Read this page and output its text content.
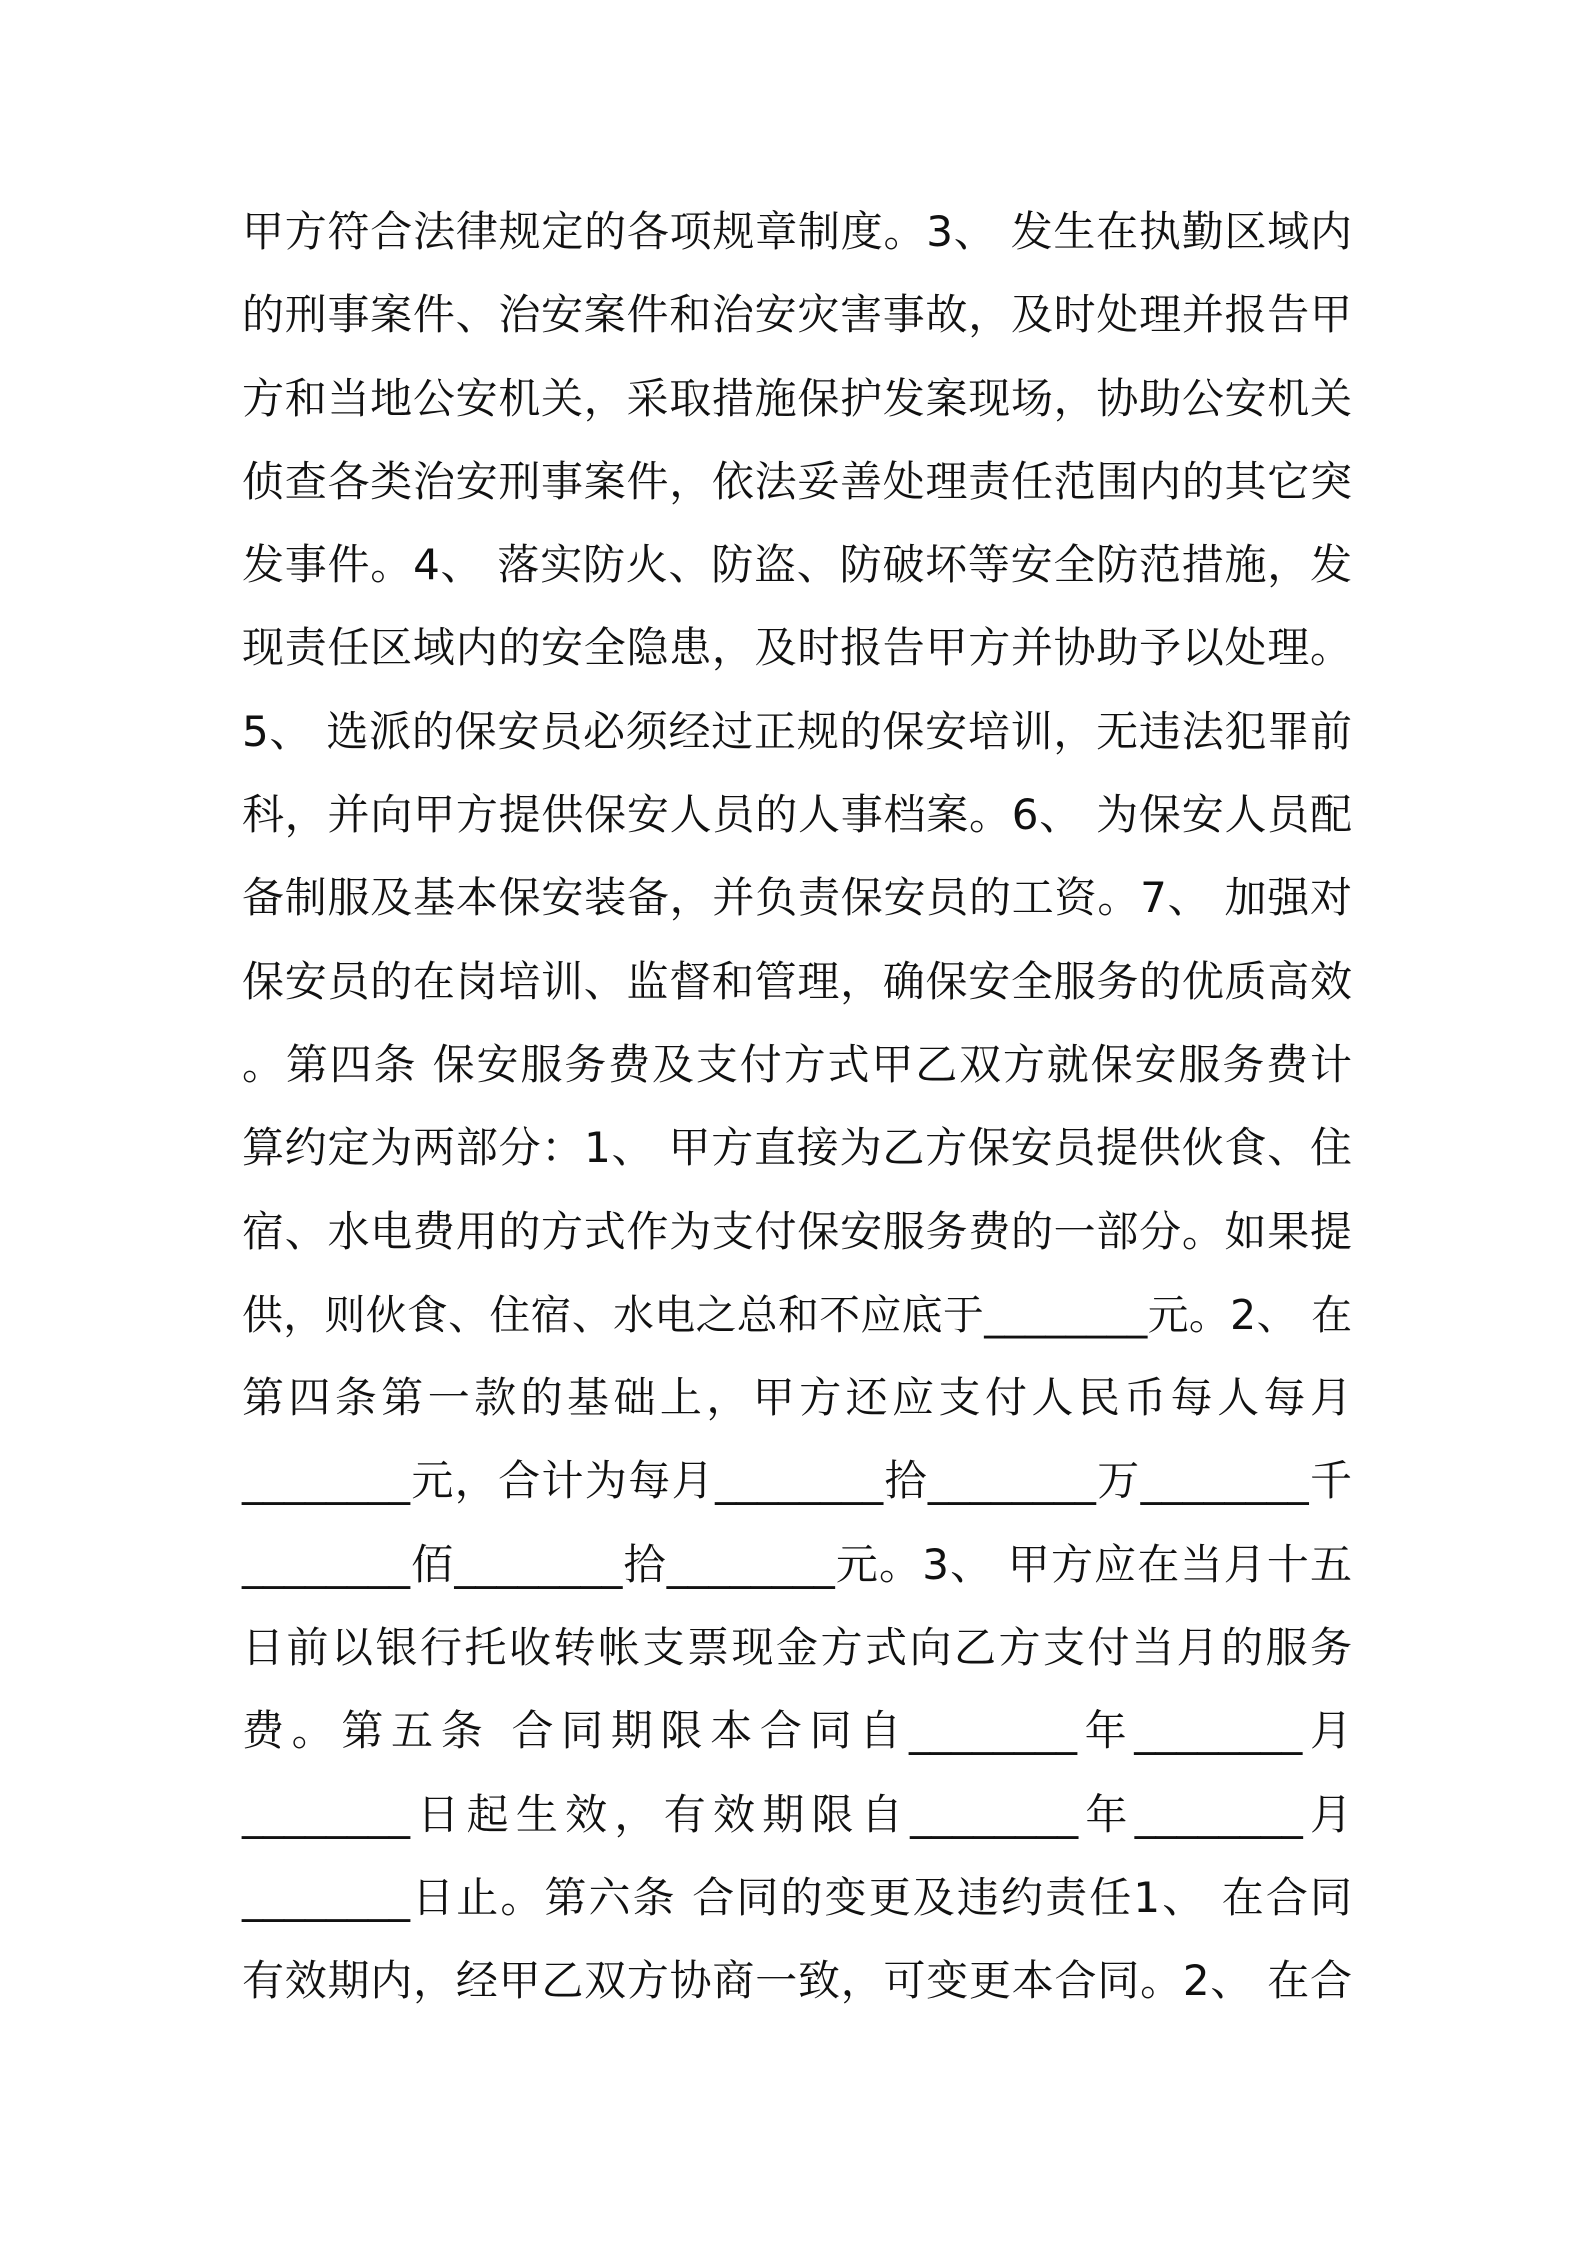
甲方符合法律规定的各项规章制度。3、 发生在执勤区域内
的刑事案件、治安案件和治安灾害事故，及时处理并报告甲
方和当地公安机关，采取措施保护发案现场，协助公安机关
侦查各类治安刑事案件，依法妥善处理责任范围内的其它突
发事件。4、 落实防火、防盗、防破坏等安全防范措施，发
现责任区域内的安全隐患，及时报告甲方并协助予以处理。
5、 选派的保安员必须经过正规的保安培训，无违法犯罪前
科，并向甲方提供保安人员的人事档案。6、 为保安人员配
备制服及基本保安装备，并负责保安员的工资。7、 加强对
保安员的在岗培训、监督和管理，确保安全服务的优质高效
。第四条 保安服务费及支付方式甲乙双方就保安服务费计
算约定为两部分：1、 甲方直接为乙方保安员提供伙食、住
宿、水电费用的方式作为支付保安服务费的一部分。如果提
供，则伙食、住宿、水电之总和不应底于________元。2、 在
第四条第一款的基础上，甲方还应支付人民币每人每月
________元，合计为每月________拾________万________千
________佰________拾________元。3、 甲方应在当月十五
日前以银行托收转帐支票现金方式向乙方支付当月的服务
费。第五条 合同期限本合同自________年________月
________日起生效，有效期限自________年________月
________日止。第六条 合同的变更及违约责任1、 在合同
有效期内，经甲乙双方协商一致，可变更本合同。2、 在合
